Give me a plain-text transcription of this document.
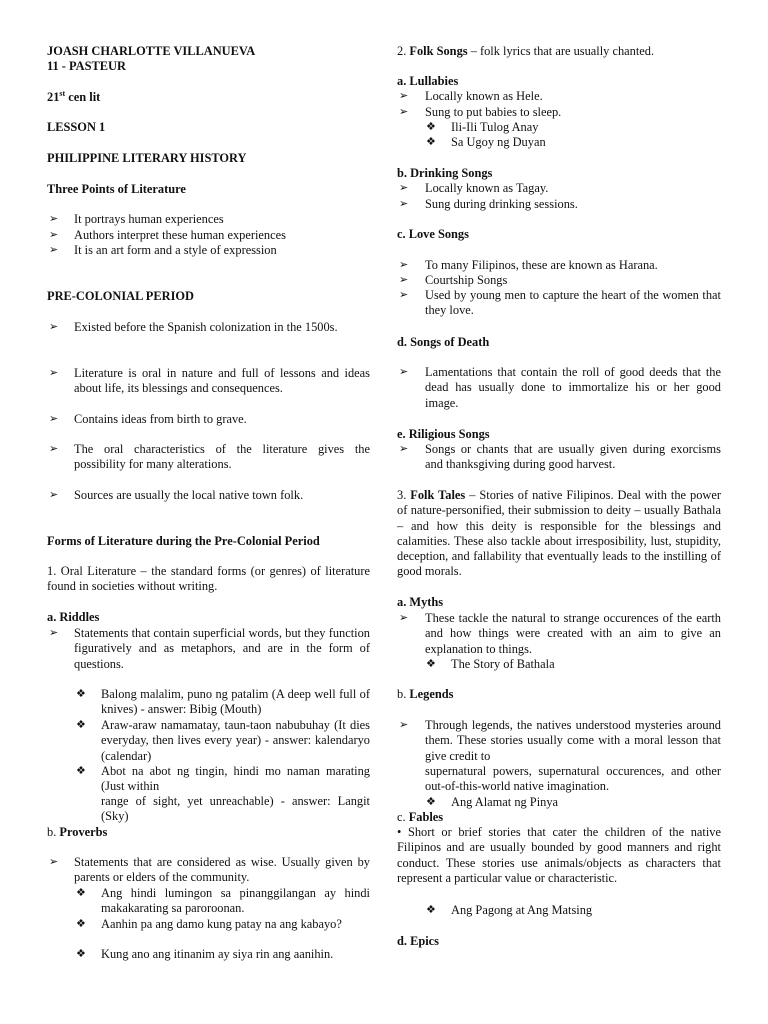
JOASH CHARLOTTE VILLANUEVA

11 - PASTEUR

21st cen lit

LESSON 1

PHILIPPINE LITERARY HISTORY

Three Points of Literature

➢ It portrays human experiences

➢ Authors interpret these human experiences

➢ It is an art form and a style of expression

PRE-COLONIAL PERIOD

➢ Existed before the Spanish colonization in the 1500s.

➢ Literature is oral in nature and full of lessons and ideas about life, its blessings and consequences.

➢ Contains ideas from birth to grave.

➢ The oral characteristics of the literature gives the possibility for many alterations.

➢ Sources are usually the local native town folk.

Forms of Literature during the Pre-Colonial Period

1. Oral Literature – the standard forms (or genres) of literature found in societies without writing.

a. Riddles

➢ Statements that contain superficial words, but they function figuratively and as metaphors, and are in the form of questions.

❖ Balong malalim, puno ng patalim (A deep well full of knives) - answer: Bibig (Mouth)

❖ Araw-araw namamatay, taun-taon nabubuhay (It dies everyday, then lives every year) - answer: kalendaryo (calendar)

❖ Abot na abot ng tingin, hindi mo naman marating (Just within

range of sight, yet unreachable) - answer: Langit (Sky)

b. Proverbs

➢ Statements that are considered as wise. Usually given by parents or elders of the community.

❖ Ang hindi lumingon sa pinanggilangan ay hindi makakarating sa paroroonan.

❖ Aanhin pa ang damo kung patay na ang kabayo?

❖ Kung ano ang itinanim ay siya rin ang aanihin.

2. Folk Songs – folk lyrics that are usually chanted.

a. Lullabies

➢ Locally known as Hele.

➢ Sung to put babies to sleep.

❖ Ili-Ili Tulog Anay

❖ Sa Ugoy ng Duyan

b. Drinking Songs

➢ Locally known as Tagay.

➢ Sung during drinking sessions.

c. Love Songs

➢ To many Filipinos, these are known as Harana.

➢ Courtship Songs

➢ Used by young men to capture the heart of the women that they love.

d. Songs of Death

➢ Lamentations that contain the roll of good deeds that the dead has usually done to immortalize his or her good image.

e. Riligious Songs

➢ Songs or chants that are usually given during exorcisms and thanksgiving during good harvest.

3. Folk Tales – Stories of native Filipinos. Deal with the power of nature-personified, their submission to deity – usually Bathala – and how this deity is responsible for the blessings and calamities. These also tackle about irresposibility, lust, stupidity, deception, and fallability that eventually leads to the instilling of good morals.

a. Myths

➢ These tackle the natural to strange occurences of the earth and how things were created with an aim to give an explanation to things.

❖ The Story of Bathala

b. Legends

➢ Through legends, the natives understood mysteries around them. These stories usually come with a moral lesson that give credit to

supernatural powers, supernatural occurences, and other out-of-this-world native imagination.

❖ Ang Alamat ng Pinya

c. Fables

• Short or brief stories that cater the children of the native Filipinos and are usually bounded by good manners and right conduct. These stories use animals/objects as characters that represent a particular value or characteristic.

❖ Ang Pagong at Ang Matsing

d. Epics
